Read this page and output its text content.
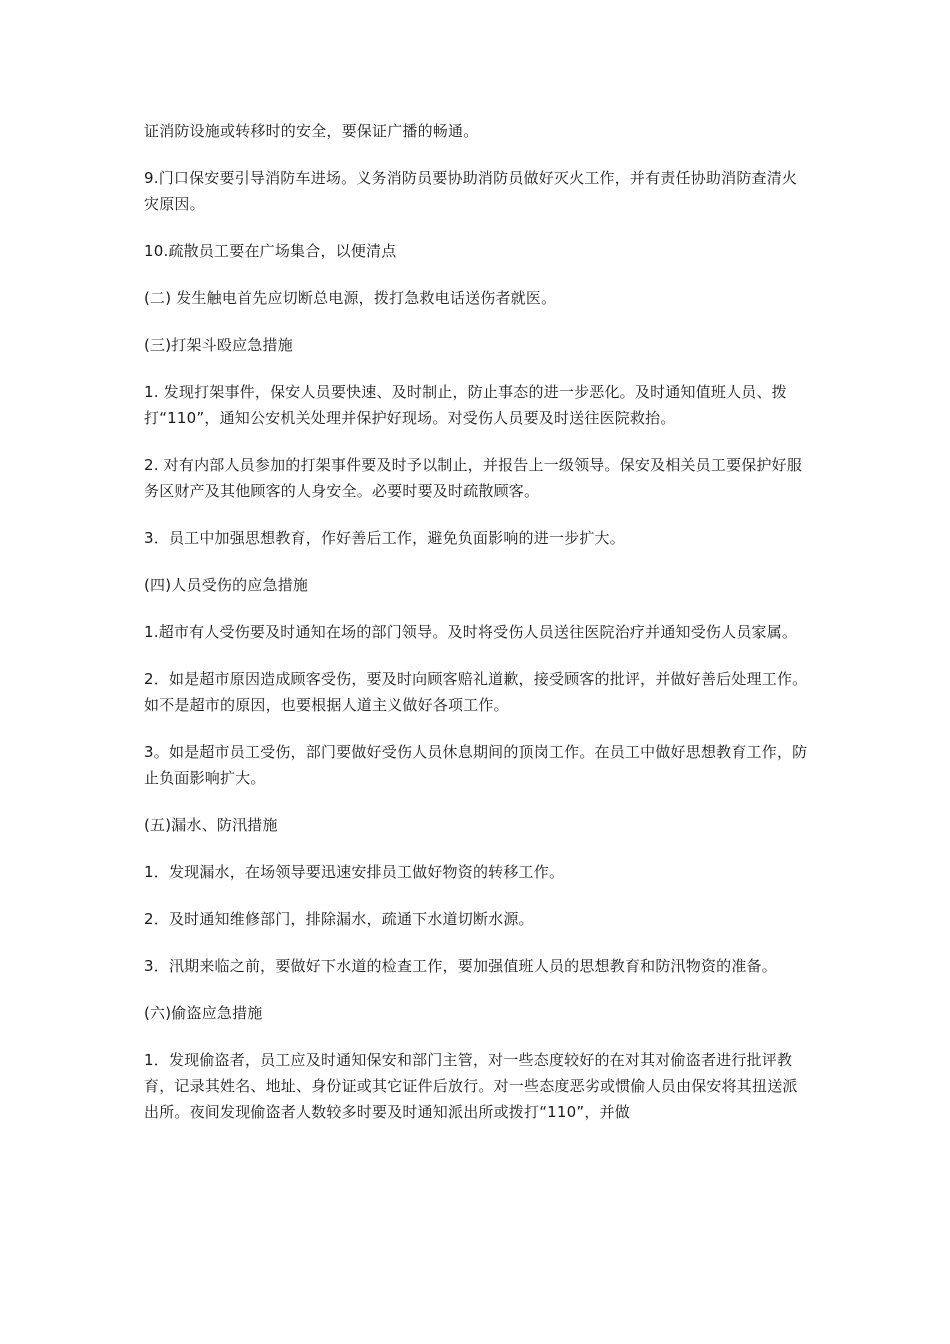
证消防设施或转移时的安全，要保证广播的畅通。

9.门口保安要引导消防车进场。义务消防员要协助消防员做好灭火工作，并有责任协助消防查清火灾原因。

10.疏散员工要在广场集合，以便清点

(二) 发生触电首先应切断总电源，拨打急救电话送伤者就医。

(三)打架斗殴应急措施

1. 发现打架事件，保安人员要快速、及时制止，防止事态的进一步恶化。及时通知值班人员、拨打“110”，通知公安机关处理并保护好现场。对受伤人员要及时送往医院救抬。

2. 对有内部人员参加的打架事件要及时予以制止，并报告上一级领导。保安及相关员工要保护好服务区财产及其他顾客的人身安全。必要时要及时疏散顾客。

3．员工中加强思想教育，作好善后工作，避免负面影响的进一步扩大。

(四)人员受伤的应急措施

1.超市有人受伤要及时通知在场的部门领导。及时将受伤人员送往医院治疗并通知受伤人员家属。

2．如是超市原因造成顾客受伤，要及时向顾客赔礼道歉，接受顾客的批评，并做好善后处理工作。如不是超市的原因，也要根据人道主义做好各项工作。

3。如是超市员工受伤，部门要做好受伤人员休息期间的顶岗工作。在员工中做好思想教育工作，防止负面影响扩大。

(五)漏水、防汛措施

1．发现漏水，在场领导要迅速安排员工做好物资的转移工作。

2．及时通知维修部门，排除漏水，疏通下水道切断水源。

3．汛期来临之前，要做好下水道的检查工作，要加强值班人员的思想教育和防汛物资的准备。

(六)偷盗应急措施

1．发现偷盗者，员工应及时通知保安和部门主管，对一些态度较好的在对其对偷盗者进行批评教育，记录其姓名、地址、身份证或其它证件后放行。对一些态度恶劣或惯偷人员由保安将其扭送派出所。夜间发现偷盗者人数较多时要及时通知派出所或拨打“110”，并做
